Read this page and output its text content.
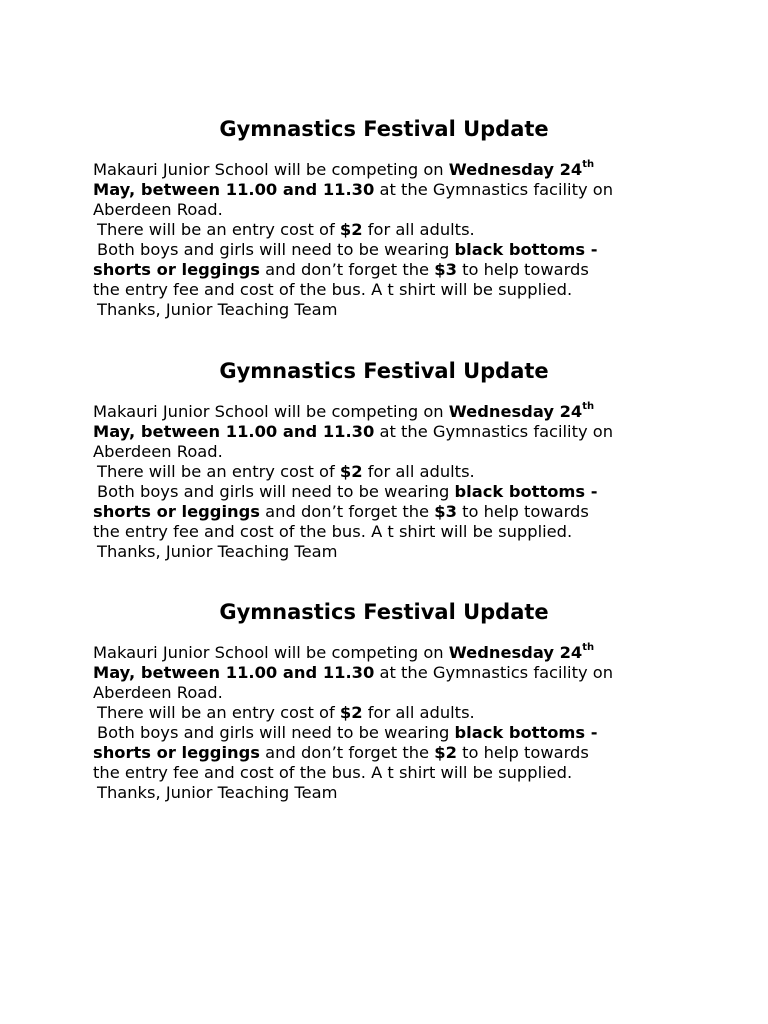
Gymnastics Festival Update

Makauri Junior School will be competing on Wednesday 24th

May, between 11.00 and 11.30 at the Gymnastics facility on

Aberdeen Road.

There will be an entry cost of $2 for all adults.

Both boys and girls will need to be wearing black bottoms -

shorts or leggings and don’t forget the $3 to help towards

the entry fee and cost of the bus. A t shirt will be supplied.

Thanks, Junior Teaching Team

Gymnastics Festival Update

Makauri Junior School will be competing on Wednesday 24th

May, between 11.00 and 11.30 at the Gymnastics facility on

Aberdeen Road.

There will be an entry cost of $2 for all adults.

Both boys and girls will need to be wearing black bottoms -

shorts or leggings and don’t forget the $3 to help towards

the entry fee and cost of the bus. A t shirt will be supplied.

Thanks, Junior Teaching Team

Gymnastics Festival Update

Makauri Junior School will be competing on Wednesday 24th

May, between 11.00 and 11.30 at the Gymnastics facility on

Aberdeen Road.

There will be an entry cost of $2 for all adults.

Both boys and girls will need to be wearing black bottoms -

shorts or leggings and don’t forget the $2 to help towards

the entry fee and cost of the bus. A t shirt will be supplied.

Thanks, Junior Teaching Team
